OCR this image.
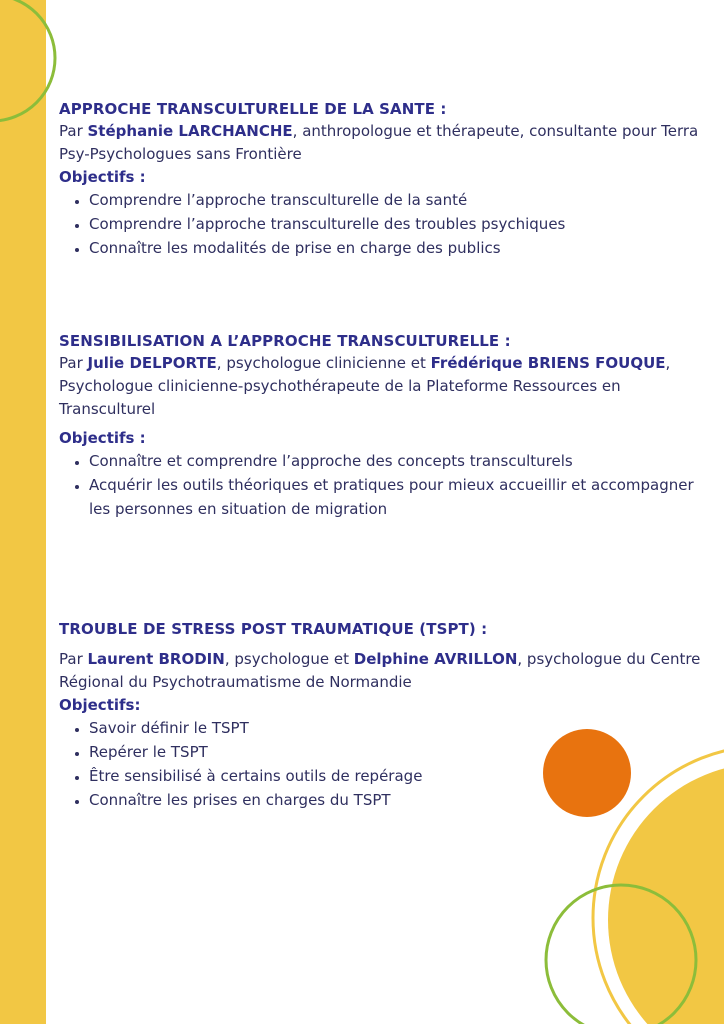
APPROCHE TRANSCULTURELLE DE LA SANTE :
Par Stéphanie LARCHANCHE, anthropologue et thérapeute, consultante pour Terra Psy-Psychologues sans Frontière
Objectifs :
• Comprendre l’approche transculturelle de la santé
• Comprendre l’approche transculturelle des troubles psychiques
• Connaître les modalités de prise en charge des publics
SENSIBILISATION A L’APPROCHE TRANSCULTURELLE :
Par Julie DELPORTE, psychologue clinicienne et Frédérique BRIENS FOUQUE, Psychologue clinicienne-psychothérapeute de la Plateforme Ressources en Transculturel
Objectifs :
• Connaître et comprendre l’approche des concepts transculturels
• Acquérir les outils théoriques et pratiques pour mieux accueillir et accompagner les personnes en situation de migration
TROUBLE DE STRESS POST TRAUMATIQUE (TSPT) :
Par Laurent BRODIN, psychologue et Delphine AVRILLON, psychologue du Centre Régional du Psychotraumatisme de Normandie
Objectifs:
• Savoir définir le TSPT
• Repérer le TSPT
• Être sensibilisé à certains outils de repérage
• Connaître les prises en charges du TSPT
